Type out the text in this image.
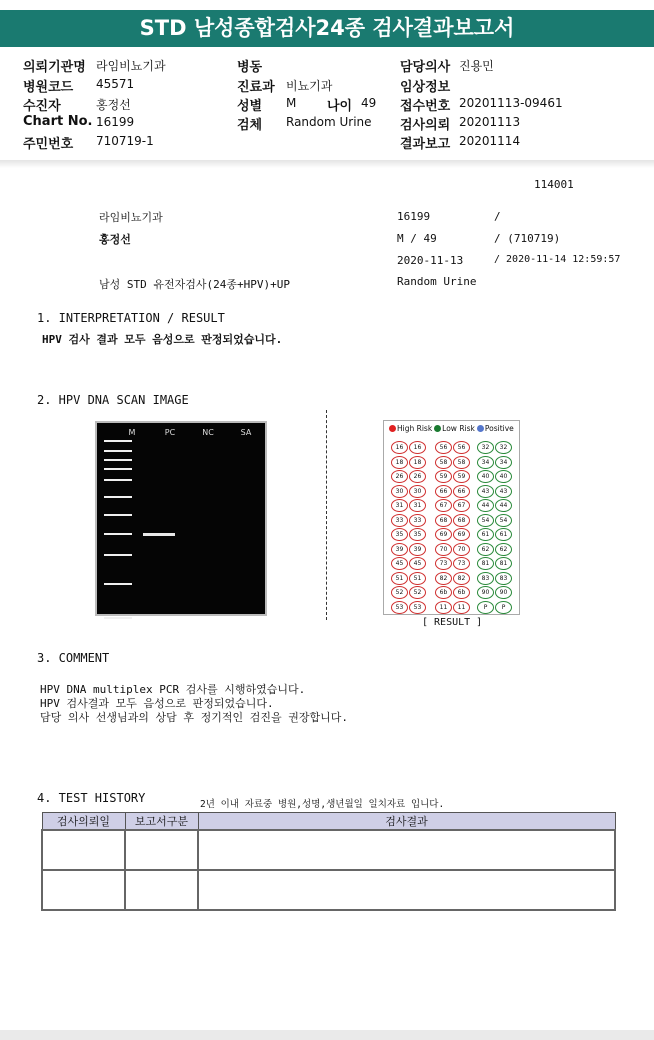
STD 남성종합검사24종 검사결과보고서
의뢰기관명 라임비뇨기과
병원코드 45571
수진자	홍정선
Chart No. 16199
주민번호 710719-1
병동
진료과 비뇨기과
성별 M 나이 49
검체 Random Urine
담당의사 진용민
임상정보
접수번호 20201113-09461
검사의뢰 20201113
결과보고 20201114
114001
라임비뇨기과	16199	/
홍정선	M / 49	/ (710719)
2020-11-13	/ 2020-11-14 12:59:57
남성 STD 유전자검사(24종+HPV)+UP	Random Urine
1. INTERPRETATION / RESULT
HPV 검사 결과 모두 음성으로 판정되었습니다.
2. HPV DNA SCAN IMAGE
M	PC	NC	SA	High Risk Low Risk Positive
16	16	56	56	32	32
18	18	58	58	34	34
26	26	59	59	40	40
30	30	66	66	43	43
31	31	67	67	44	44
33	33	68	68	54	54
35	35	69	69	61	61
39	39	70	70	62	62
45	45	73	73	81	81
51	51	82	82	83	83
52	52	6b	6b	90	90
53	53	11	11	P	P
[ RESULT ]
3. COMMENT
HPV DNA multiplex PCR 검사를 시행하였습니다.
HPV 검사결과 모두 음성으로 판정되었습니다.
담당 의사 선생님과의 상담 후 정기적인 검진을 권장합니다.
4. TEST HISTORY	2년 이내 자료중 병원,성명,생년월일 일치자료 입니다.
검사의뢰일	보고서구분	검사결과
